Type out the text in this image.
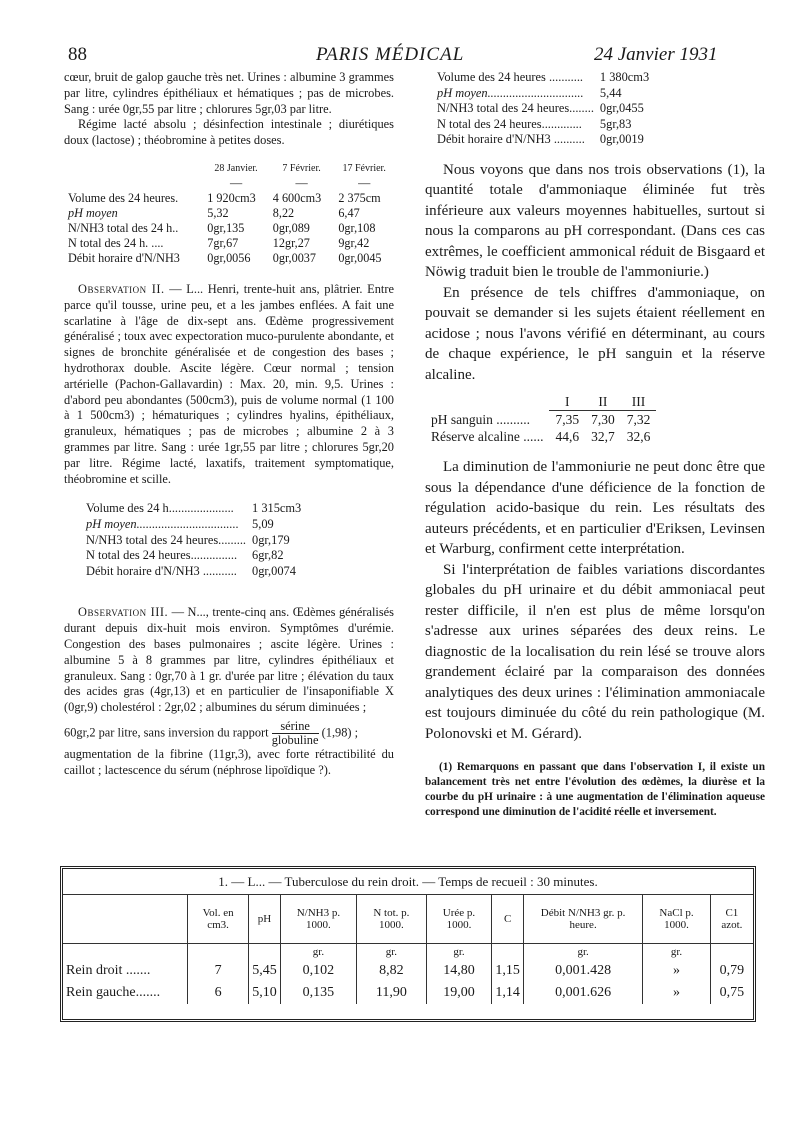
88	PARIS MÉDICAL	24 Janvier 1931

cœur, bruit de galop gauche très net. Urines : albumine 3 grammes par litre, cylindres épithéliaux et hématiques ; pas de microbes. Sang : urée 0gr,55 par litre ; chlorures 5gr,03 par litre.

Régime lacté absolu ; désinfection intestinale ; diurétiques doux (lactose) ; théobromine à petites doses.

	28 Janvier.	7 Février.	17 Février.
	—	—	—
Volume des 24 heures.	1 920cm3	4 600cm3	2 375cm
pH moyen	5,32	8,22	6,47
N/NH3 total des 24 h..	0gr,135	0gr,089	0gr,108
N total des 24 h. ....	7gr,67	12gr,27	9gr,42
Débit horaire d'N/NH3	0gr,0056	0gr,0037	0gr,0045

Observation II. — L... Henri, trente-huit ans, plâtrier. Entre parce qu'il tousse, urine peu, et a les jambes enflées. A fait une scarlatine à l'âge de dix-sept ans. Œdème progressivement généralisé ; toux avec expectoration muco-purulente abondante, et signes de bronchite généralisée et de congestion des bases ; hydrothorax double. Ascite légère. Cœur normal ; tension artérielle (Pachon-Gallavardin) : Max. 20, min. 9,5. Urines : d'abord peu abondantes (500cm3), puis de volume normal (1 100 à 1 500cm3) ; hématuriques ; cylindres hyalins, épithéliaux, granuleux, hématiques ; pas de microbes ; albumine 2 à 3 grammes par litre. Sang : urée 1gr,55 par litre ; chlorures 5gr,20 par litre. Régime lacté, laxatifs, traitement symptomatique, théobromine et scille.

Volume des 24 h.....................	1 315cm3
pH moyen.................................	5,09
N/NH3 total des 24 heures.........	0gr,179
N total des 24 heures...............	6gr,82
Débit horaire d'N/NH3 ...........	0gr,0074

Observation III. — N..., trente-cinq ans. Œdèmes généralisés durant depuis dix-huit mois environ. Symptômes d'urémie. Congestion des bases pulmonaires ; ascite légère. Urines : albumine 5 à 8 grammes par litre, cylindres épithéliaux et granuleux. Sang : 0gr,70 à 1 gr. d'urée par litre ; élévation du taux des acides gras (4gr,13) et en particulier de l'insaponifiable X (0gr,9) cholestérol : 2gr,02 ; albumines du sérum diminuées ;

60gr,2 par litre, sans inversion du rapport sérine
globuline
(1,98) ;

augmentation de la fibrine (11gr,3), avec forte rétractibilité du caillot ; lactescence du sérum (néphrose lipoïdique ?).

Volume des 24 heures ...........	1 380cm3
pH moyen...............................	5,44
N/NH3 total des 24 heures........	0gr,0455
N total des 24 heures.............	5gr,83
Débit horaire d'N/NH3 ..........	0gr,0019

Nous voyons que dans nos trois observations (1), la quantité totale d'ammoniaque éliminée fut très inférieure aux valeurs moyennes habituelles, surtout si nous la comparons au pH correspondant. (Dans ces cas extrêmes, le coefficient ammonical réduit de Bisgaard et Nöwig traduit bien le trouble de l'ammoniurie.)

En présence de tels chiffres d'ammoniaque, on pouvait se demander si les sujets étaient réellement en acidose ; nous l'avons vérifié en déterminant, au cours de chaque expérience, le pH sanguin et la réserve alcaline.

	I	II	III
pH sanguin ..........	7,35	7,30	7,32
Réserve alcaline ......	44,6	32,7	32,6

La diminution de l'ammoniurie ne peut donc être que sous la dépendance d'une déficience de la fonction de régulation acido-basique du rein. Les résultats des auteurs précédents, et en particulier d'Eriksen, Levinsen et Warburg, confirment cette interprétation.

Si l'interprétation de faibles variations discordantes globales du pH urinaire et du débit ammoniacal peut rester difficile, il n'en est plus de même lorsqu'on s'adresse aux urines séparées des deux reins. Le diagnostic de la localisation du rein lésé se trouve alors grandement éclairé par la comparaison des données analytiques des deux urines : l'élimination ammoniacale est toujours diminuée du côté du rein pathologique (M. Polonovski et M. Gérard).

(1) Remarquons en passant que dans l'observation I, il existe un balancement très net entre l'évolution des œdèmes, la diurèse et la courbe du pH urinaire : à une augmentation de l'élimination aqueuse correspond une diminution de l'acidité réelle et inversement.

1. — L... — Tuberculose du rein droit. — Temps de recueil : 30 minutes.
	Vol. en cm3.	pH	N/NH3 p. 1000.	N tot. p. 1000.	Urée p. 1000.	C	Débit N/NH3 gr. p. heure.	NaCl p. 1000.	C1 azot.
			gr.	gr.	gr.		gr.	gr.	
Rein droit .......	7	5,45	0,102	8,82	14,80	1,15	0,001.428	»	0,79
Rein gauche.......	6	5,10	0,135	11,90	19,00	1,14	0,001.626	»	0,75
